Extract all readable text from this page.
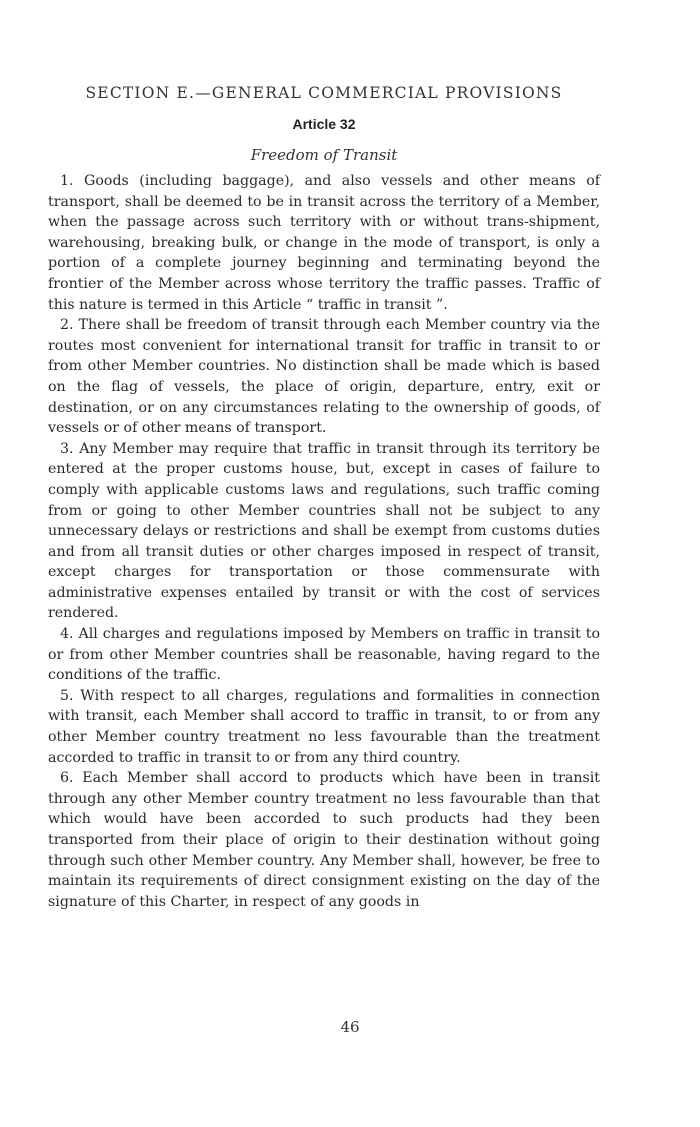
SECTION E.—GENERAL COMMERCIAL PROVISIONS
Article 32
Freedom of Transit

1. Goods (including baggage), and also vessels and other means of transport, shall be deemed to be in transit across the territory of a Member, when the passage across such territory with or without trans-shipment, warehousing, breaking bulk, or change in the mode of transport, is only a portion of a complete journey beginning and terminating beyond the frontier of the Member across whose territory the traffic passes. Traffic of this nature is termed in this Article “ traffic in transit ”.

2. There shall be freedom of transit through each Member country via the routes most convenient for international transit for traffic in transit to or from other Member countries. No distinction shall be made which is based on the flag of vessels, the place of origin, departure, entry, exit or destination, or on any circumstances relating to the ownership of goods, of vessels or of other means of transport.

3. Any Member may require that traffic in transit through its territory be entered at the proper customs house, but, except in cases of failure to comply with applicable customs laws and regulations, such traffic coming from or going to other Member countries shall not be subject to any unnecessary delays or restrictions and shall be exempt from customs duties and from all transit duties or other charges imposed in respect of transit, except charges for transportation or those commensurate with administrative expenses entailed by transit or with the cost of services rendered.

4. All charges and regulations imposed by Members on traffic in transit to or from other Member countries shall be reasonable, having regard to the conditions of the traffic.

5. With respect to all charges, regulations and formalities in connection with transit, each Member shall accord to traffic in transit, to or from any other Member country treatment no less favourable than the treatment accorded to traffic in transit to or from any third country.

6. Each Member shall accord to products which have been in transit through any other Member country treatment no less favourable than that which would have been accorded to such products had they been transported from their place of origin to their destination without going through such other Member country. Any Member shall, however, be free to maintain its requirements of direct consignment existing on the day of the signature of this Charter, in respect of any goods in

46
